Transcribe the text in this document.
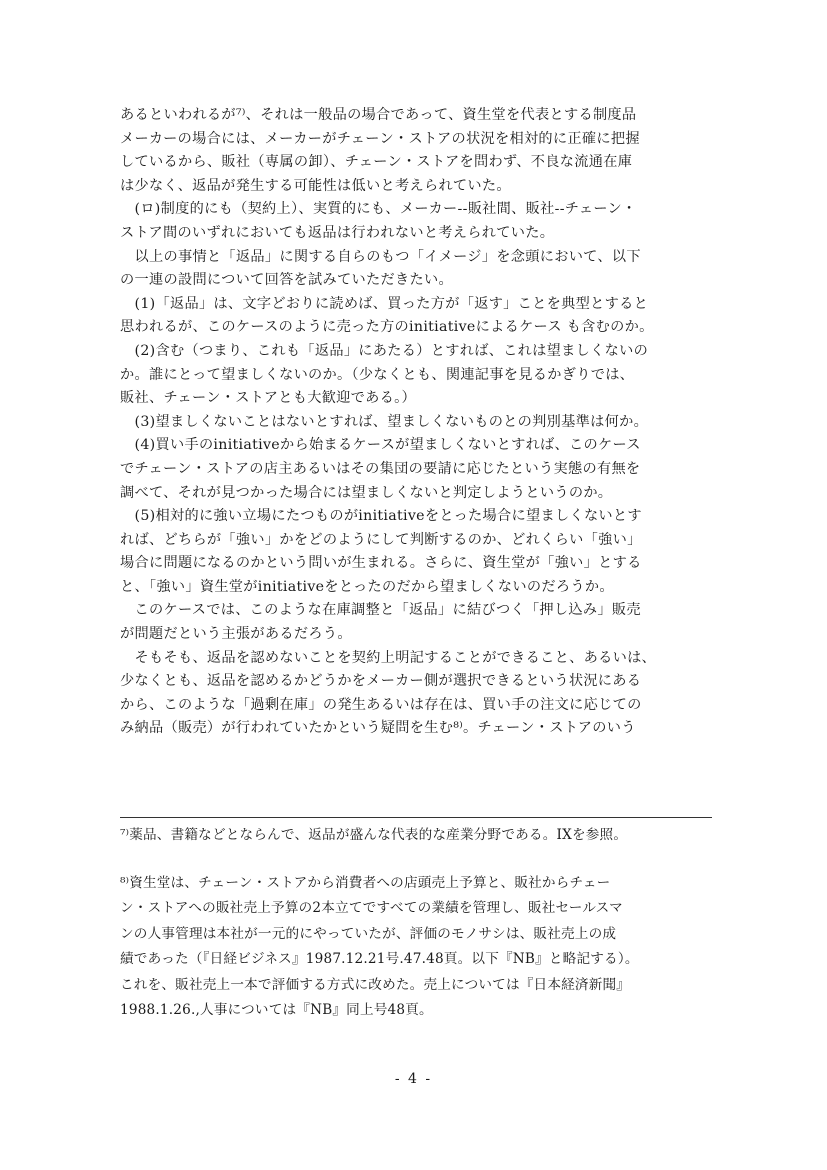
あるといわれるが⁷⁾、それは一般品の場合であって、資生堂を代表とする制度品
メーカーの場合には、メーカーがチェーン・ストアの状況を相対的に正確に把握
しているから、販社（専属の卸）、チェーン・ストアを問わず、不良な流通在庫
は少なく、返品が発生する可能性は低いと考えられていた。
　(ロ)制度的にも（契約上）、実質的にも、メーカー‐‐販社間、販社‐‐チェーン・
ストア間のいずれにおいても返品は行われないと考えられていた。
　以上の事情と「返品」に関する自らのもつ「イメージ」を念頭において、以下
の一連の設問について回答を試みていただきたい。
　(1)「返品」は、文字どおりに読めば、買った方が「返す」ことを典型とすると
思われるが、このケースのように売った方のinitiativeによるケース も含むのか。
　(2)含む（つまり、これも「返品」にあたる）とすれば、これは望ましくないの
か。誰にとって望ましくないのか。（少なくとも、関連記事を見るかぎりでは、
販社、チェーン・ストアとも大歓迎である。）
　(3)望ましくないことはないとすれば、望ましくないものとの判別基準は何か。
　(4)買い手のinitiativeから始まるケースが望ましくないとすれば、このケース
でチェーン・ストアの店主あるいはその集団の要請に応じたという実態の有無を
調べて、それが見つかった場合には望ましくないと判定しようというのか。
　(5)相対的に強い立場にたつものがinitiativeをとった場合に望ましくないとす
れば、どちらが「強い」かをどのようにして判断するのか、どれくらい「強い」
場合に問題になるのかという問いが生まれる。さらに、資生堂が「強い」とする
と、「強い」資生堂がinitiativeをとったのだから望ましくないのだろうか。
　このケースでは、このような在庫調整と「返品」に結びつく「押し込み」販売
が問題だという主張があるだろう。
　そもそも、返品を認めないことを契約上明記することができること、あるいは、
少なくとも、返品を認めるかどうかをメーカー側が選択できるという状況にある
から、このような「過剰在庫」の発生あるいは存在は、買い手の注文に応じての
み納品（販売）が行われていたかという疑問を生む⁸⁾。チェーン・ストアのいう
⁷⁾薬品、書籍などとならんで、返品が盛んな代表的な産業分野である。IXを参照。
⁸⁾資生堂は、チェーン・ストアから消費者への店頭売上予算と、販社からチェー
ン・ストアへの販社売上予算の2本立てですべての業績を管理し、販社セールスマ
ンの人事管理は本社が一元的にやっていたが、評価のモノサシは、販社売上の成
績であった（『日経ビジネス』1987.12.21号.47.48頁。以下『NB』と略記する）。
これを、販社売上一本で評価する方式に改めた。売上については『日本経済新聞』
1988.1.26.,人事については『NB』同上号48頁。
- 4 -
